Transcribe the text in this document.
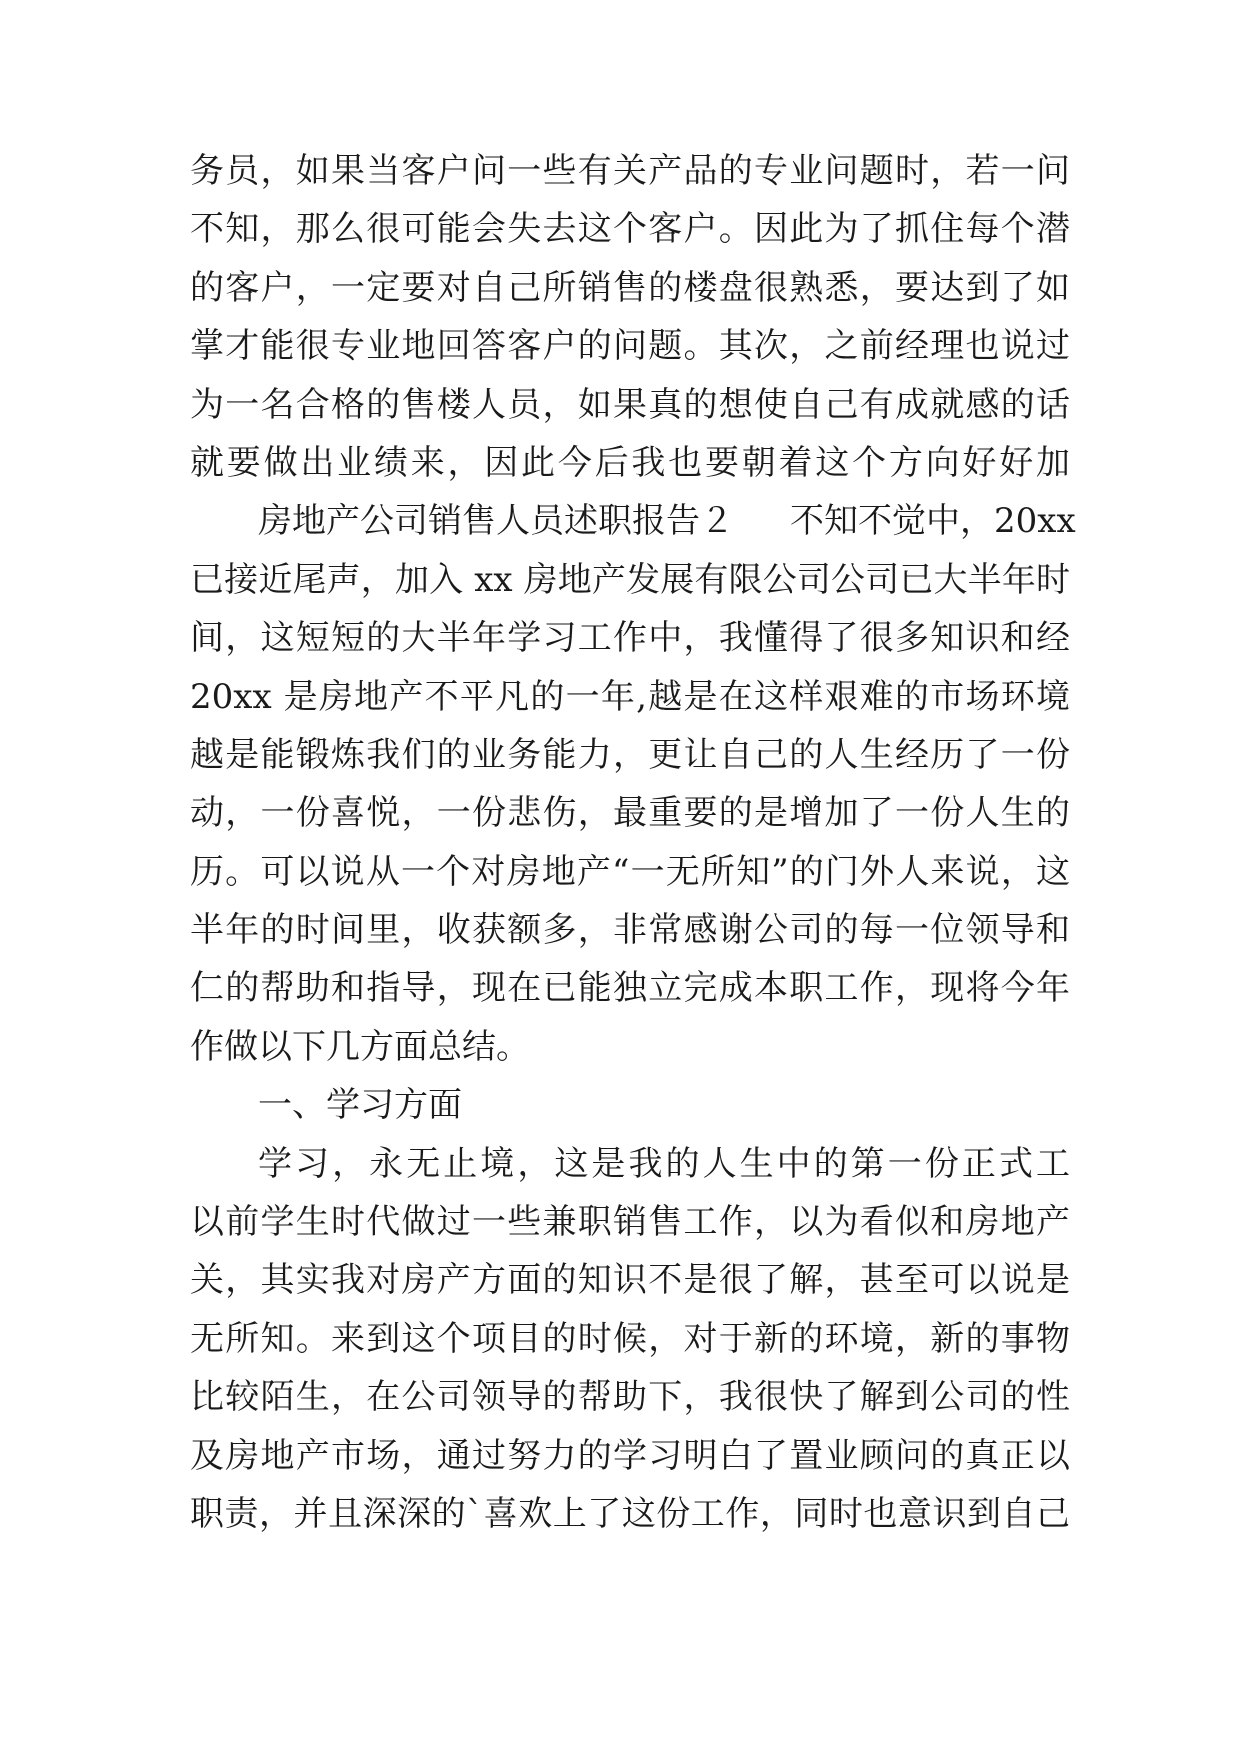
务员，如果当客户问一些有关产品的专业问题时，若一问
不知，那么很可能会失去这个客户。因此为了抓住每个潜
的客户，一定要对自己所销售的楼盘很熟悉，要达到了如
掌才能很专业地回答客户的问题。其次，之前经理也说过
为一名合格的售楼人员，如果真的想使自己有成就感的话
就要做出业绩来，因此今后我也要朝着这个方向好好加
房地产公司销售人员述职报告２ 不知不觉中，20xx
已接近尾声，加入 xx 房地产发展有限公司公司已大半年时
间，这短短的大半年学习工作中，我懂得了很多知识和经
20xx 是房地产不平凡的一年,越是在这样艰难的市场环境
越是能锻炼我们的业务能力，更让自己的人生经历了一份
动，一份喜悦，一份悲伤，最重要的是增加了一份人生的
历。可以说从一个对房地产“一无所知”的门外人来说，这
半年的时间里，收获额多，非常感谢公司的每一位领导和
仁的帮助和指导，现在已能独立完成本职工作，现将今年
作做以下几方面总结。
一、学习方面
学习，永无止境，这是我的人生中的第一份正式工
以前学生时代做过一些兼职销售工作，以为看似和房地产
关，其实我对房产方面的知识不是很了解，甚至可以说是
无所知。来到这个项目的时候，对于新的环境，新的事物
比较陌生，在公司领导的帮助下，我很快了解到公司的性
及房地产市场，通过努力的学习明白了置业顾问的真正以
职责，并且深深的`喜欢上了这份工作，同时也意识到自己
